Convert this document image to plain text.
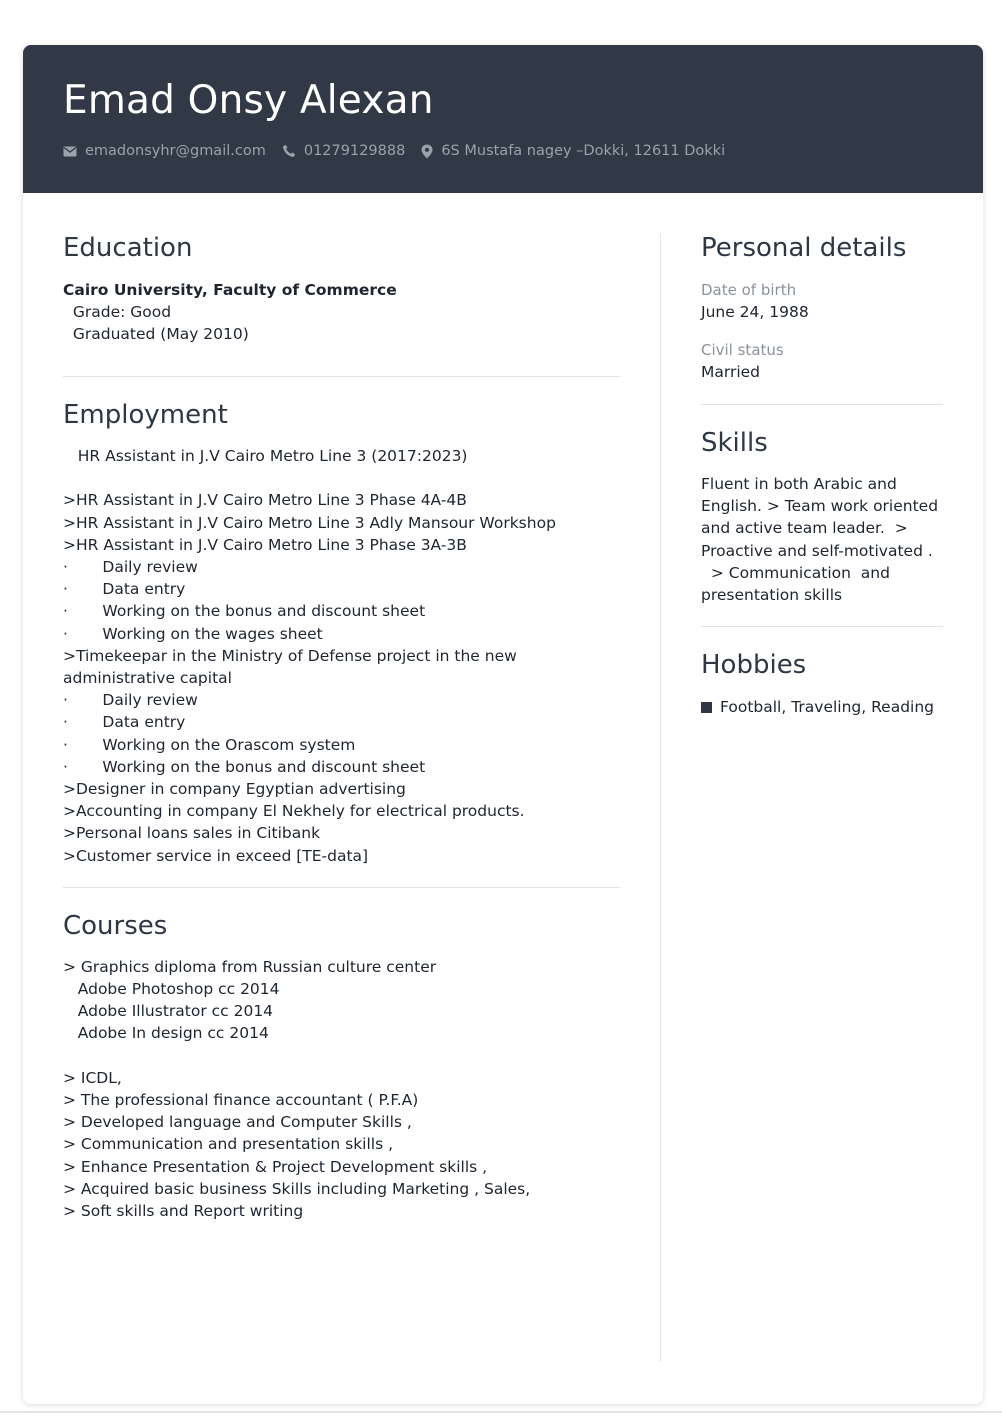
Emad Onsy Alexan
emadonsyhr@gmail.com	01279129888 6S Mustafa nagey –Dokki, 12611 Dokki
Education
Cairo University, Faculty of Commerce
Grade: Good
Graduated (May 2010)
Employment
HR Assistant in J.V Cairo Metro Line 3 (2017:2023)

>HR Assistant in J.V Cairo Metro Line 3 Phase 4A-4B
>HR Assistant in J.V Cairo Metro Line 3 Adly Mansour Workshop
>HR Assistant in J.V Cairo Metro Line 3 Phase 3A-3B
·       Daily review
·       Data entry
·       Working on the bonus and discount sheet
·       Working on the wages sheet
>Timekeepar in the Ministry of Defense project in the new
administrative capital
·       Daily review
·       Data entry
·       Working on the Orascom system
·       Working on the bonus and discount sheet
>Designer in company Egyptian advertising
>Accounting in company El Nekhely for electrical products.
>Personal loans sales in Citibank
>Customer service in exceed [TE-data]
Courses
> Graphics diploma from Russian culture center
Adobe Photoshop cc 2014
Adobe Illustrator cc 2014
Adobe In design cc 2014

> ICDL,
> The professional finance accountant ( P.F.A)
> Developed language and Computer Skills ,
> Communication and presentation skills ,
> Enhance Presentation & Project Development skills ,
> Acquired basic business Skills including Marketing , Sales,
> Soft skills and Report writing
Personal details
Date of birth
June 24, 1988
Civil status
Married
Skills
Fluent in both Arabic and
English. > Team work oriented
and active team leader.  >
Proactive and self-motivated .
> Communication  and
presentation skills
Hobbies
Football, Traveling, Reading
